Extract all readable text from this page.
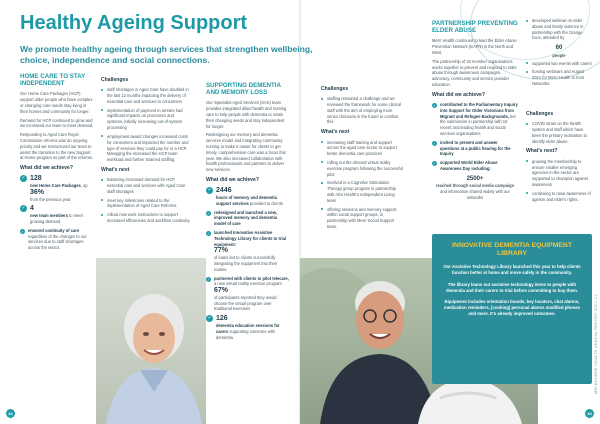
Healthy Ageing Support
We promote healthy ageing through services that strengthen wellbeing, choice, independence and social connections.
HOME CARE TO STAY INDEPENDENT

Our Home Care Packages (HCP) support older people who have complex or changing care needs stay living in their homes and community for longer.

Demand for HCP continued to grow and we increased our team to meet demand.

Responding to Aged Care Royal Commission reforms was an ongoing priority and we restructured our team to assist the transition to the new Support at Home program as part of the reforms.

What did we achieve?
✓ 128
new Home Care Packages, up
36%
from the previous year
✓ 4
new team members to meet growing demand
✓ ensured continuity of care regardless of the changes to our services due to staff shortages across the sector.
Challenges
staff shortages in Aged Care have doubled in the last 12 months impacting the delivery of essential care and services to consumers
implementation of payment in arrears had significant impacts on processes and systems, initially increasing out-of-system processing
employment award changes increased costs for consumers and impacted the number and type of services they could pay for in a HCP. Managing the increased the HCP team workload and further strained staffing.
What's next
balancing increased demand for HCP essential care and services with Aged Care staff shortages
meet key milestones related to the implementation of Aged Care Reforms
rollout new work instructions to support increased efficiencies and workflow continuity.
SUPPORTING DEMENTIA AND MEMORY LOSS

Our Specialist Aged Services (SAS) team provides integrated allied health and nursing care to help people with dementia to retain their changing needs and stay independent for longer.

Redesigning our memory and dementia services model and integrating community nursing to make it easier for clients to get timely, comprehensive care was a focus this year. We also increased collaboration with health professionals and partners to deliver new services.

What did we achieve?
✓ 2446
hours of memory and dementia support services provided to clients
✓ redesigned and launched a new, improved memory and dementia model of care
✓ launched Innovative Assistive Technology Library for clients to trial equipment:
77%
of loans led to clients successfully integrating the equipment into their routine
✓ partnered with clients to pilot telecare, a new virtual reality exercise program
67%
of participants reported they would choose the virtual program over traditional exercises
✓ 126
dementia education sessions for carers supporting someone with dementia
Challenges
staffing remained a challenge and we reviewed the framework for some clinical staff with the aim of employing more senior clinicians in the future to combat this
What's next
increasing staff training and support across the aged care sector to support better dementia care practices
rolling out the Almond virtual reality exercise program following the successful pilot
involved in a Cognitive Stimulation Therapy group program in partnership with Alzo Health's Independent Living team
offering sessions and memory support within social support groups, in partnership with Merri Social Support team.
PARTNERSHIP PREVENTING ELDER ABUSE

Merri Health continued to lead the Elder Abuse Prevention Network (EAPN) in the North and West.

The partnership of 32 member organisations works together to prevent and respond to elder abuse through awareness campaigns, advocacy, community and service provider education.

What did we achieve?
✓ contributed to the Parliamentary Inquiry into Support for Older Victorians from Migrant and Refugee Backgrounds, led the submission in partnership with 15 recent and leading health and social services organisations
✓ invited to present and answer questions at a public hearing for the Inquiry
✓ supported World Elder Abuse Awareness Day including:
2500+
reached through social media campaign and information shared widely with our networks
developed webinar on elder abuse and family violence in partnership with the Orange Door, attended by
60
people
supported two events with carers
hosting webinars and August 2021 for Merri Health to host Networks.
Challenges
COVID strain on the health system and staff which have been the primary motivation to identify elder abuse.
What's next?
growing the membership to ensure smaller emerging agencies in the sector are supported to champion against awareness
continuing to raise awareness of ageism and elder's rights.
INNOVATIVE DEMENTIA EQUIPMENT LIBRARY

Our Assistive Technology Library launched this year to help clients function better at home and move safely in the community.

The library loans out assistive technology items to people with dementia and their carers to trial before committing to buy them.

Equipment includes orientation boards, key locators, chat alarms, medication reminders, [cooking] personal alarms modified phones and more. It's already improved outcomes.

42	43
MELBOURNE HEALTH ANNUAL REPORT 2021–22
